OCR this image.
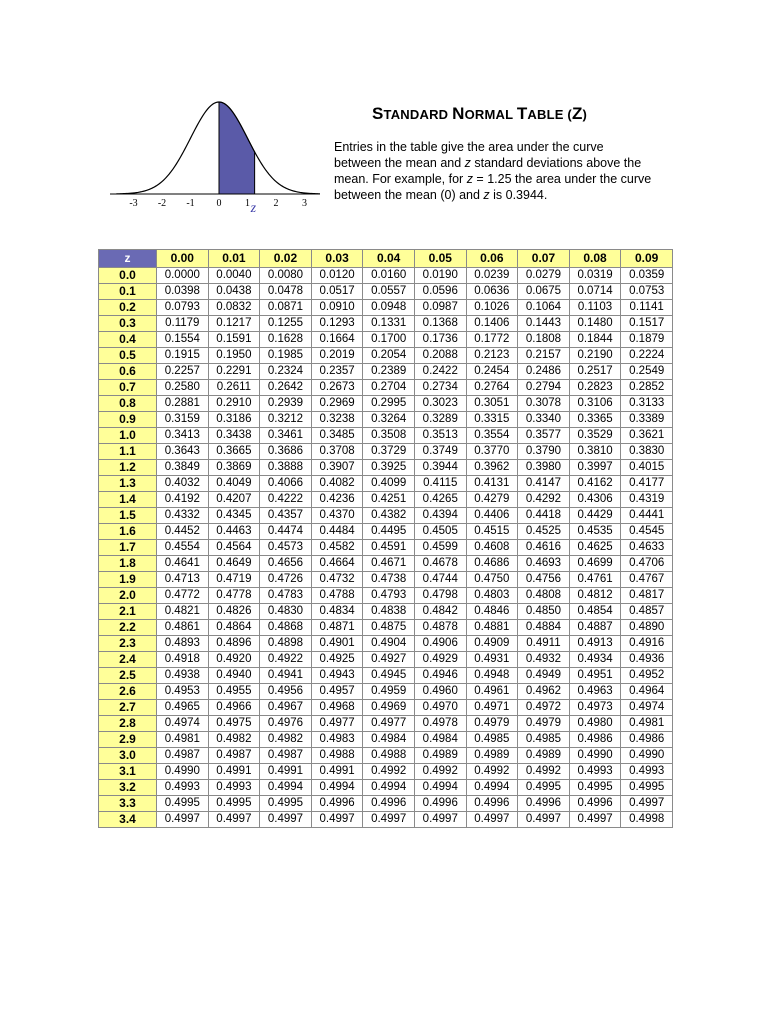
-3 -2 -1 0 1 2 3
z
STANDARD NORMAL TABLE (Z)
Entries in the table give the area under the curve between the mean and z standard deviations above the mean. For example, for z = 1.25 the area under the curve between the mean (0) and z is 0.3944.
z	0.00	0.01	0.02	0.03	0.04	0.05	0.06	0.07	0.08	0.09
0.0	0.0000	0.0040	0.0080	0.0120	0.0160	0.0190	0.0239	0.0279	0.0319	0.0359
0.1	0.0398	0.0438	0.0478	0.0517	0.0557	0.0596	0.0636	0.0675	0.0714	0.0753
0.2	0.0793	0.0832	0.0871	0.0910	0.0948	0.0987	0.1026	0.1064	0.1103	0.1141
0.3	0.1179	0.1217	0.1255	0.1293	0.1331	0.1368	0.1406	0.1443	0.1480	0.1517
0.4	0.1554	0.1591	0.1628	0.1664	0.1700	0.1736	0.1772	0.1808	0.1844	0.1879
0.5	0.1915	0.1950	0.1985	0.2019	0.2054	0.2088	0.2123	0.2157	0.2190	0.2224
0.6	0.2257	0.2291	0.2324	0.2357	0.2389	0.2422	0.2454	0.2486	0.2517	0.2549
0.7	0.2580	0.2611	0.2642	0.2673	0.2704	0.2734	0.2764	0.2794	0.2823	0.2852
0.8	0.2881	0.2910	0.2939	0.2969	0.2995	0.3023	0.3051	0.3078	0.3106	0.3133
0.9	0.3159	0.3186	0.3212	0.3238	0.3264	0.3289	0.3315	0.3340	0.3365	0.3389
1.0	0.3413	0.3438	0.3461	0.3485	0.3508	0.3513	0.3554	0.3577	0.3529	0.3621
1.1	0.3643	0.3665	0.3686	0.3708	0.3729	0.3749	0.3770	0.3790	0.3810	0.3830
1.2	0.3849	0.3869	0.3888	0.3907	0.3925	0.3944	0.3962	0.3980	0.3997	0.4015
1.3	0.4032	0.4049	0.4066	0.4082	0.4099	0.4115	0.4131	0.4147	0.4162	0.4177
1.4	0.4192	0.4207	0.4222	0.4236	0.4251	0.4265	0.4279	0.4292	0.4306	0.4319
1.5	0.4332	0.4345	0.4357	0.4370	0.4382	0.4394	0.4406	0.4418	0.4429	0.4441
1.6	0.4452	0.4463	0.4474	0.4484	0.4495	0.4505	0.4515	0.4525	0.4535	0.4545
1.7	0.4554	0.4564	0.4573	0.4582	0.4591	0.4599	0.4608	0.4616	0.4625	0.4633
1.8	0.4641	0.4649	0.4656	0.4664	0.4671	0.4678	0.4686	0.4693	0.4699	0.4706
1.9	0.4713	0.4719	0.4726	0.4732	0.4738	0.4744	0.4750	0.4756	0.4761	0.4767
2.0	0.4772	0.4778	0.4783	0.4788	0.4793	0.4798	0.4803	0.4808	0.4812	0.4817
2.1	0.4821	0.4826	0.4830	0.4834	0.4838	0.4842	0.4846	0.4850	0.4854	0.4857
2.2	0.4861	0.4864	0.4868	0.4871	0.4875	0.4878	0.4881	0.4884	0.4887	0.4890
2.3	0.4893	0.4896	0.4898	0.4901	0.4904	0.4906	0.4909	0.4911	0.4913	0.4916
2.4	0.4918	0.4920	0.4922	0.4925	0.4927	0.4929	0.4931	0.4932	0.4934	0.4936
2.5	0.4938	0.4940	0.4941	0.4943	0.4945	0.4946	0.4948	0.4949	0.4951	0.4952
2.6	0.4953	0.4955	0.4956	0.4957	0.4959	0.4960	0.4961	0.4962	0.4963	0.4964
2.7	0.4965	0.4966	0.4967	0.4968	0.4969	0.4970	0.4971	0.4972	0.4973	0.4974
2.8	0.4974	0.4975	0.4976	0.4977	0.4977	0.4978	0.4979	0.4979	0.4980	0.4981
2.9	0.4981	0.4982	0.4982	0.4983	0.4984	0.4984	0.4985	0.4985	0.4986	0.4986
3.0	0.4987	0.4987	0.4987	0.4988	0.4988	0.4989	0.4989	0.4989	0.4990	0.4990
3.1	0.4990	0.4991	0.4991	0.4991	0.4992	0.4992	0.4992	0.4992	0.4993	0.4993
3.2	0.4993	0.4993	0.4994	0.4994	0.4994	0.4994	0.4994	0.4995	0.4995	0.4995
3.3	0.4995	0.4995	0.4995	0.4996	0.4996	0.4996	0.4996	0.4996	0.4996	0.4997
3.4	0.4997	0.4997	0.4997	0.4997	0.4997	0.4997	0.4997	0.4997	0.4997	0.4998
